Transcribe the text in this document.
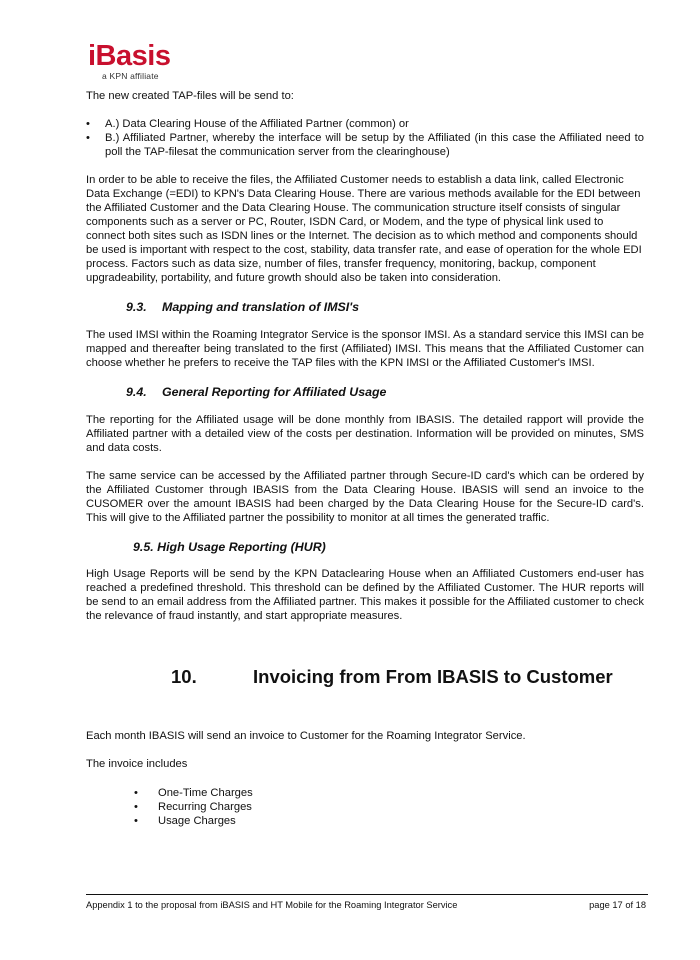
iBasis
a KPN affiliate

The new created TAP-files will be send to:

• A.) Data Clearing House of the Affiliated Partner (common) or
• B.) Affiliated Partner, whereby the interface will be setup by the Affiliated (in this case the Affiliated need to poll the TAP-filesat the communication server from the clearinghouse)

In order to be able to receive the files, the Affiliated Customer needs to establish a data link, called Electronic Data Exchange (=EDI) to KPN's Data Clearing House. There are various methods available for the EDI between the Affiliated Customer and the Data Clearing House. The communication structure itself consists of singular components such as a server or PC, Router, ISDN Card, or Modem, and the type of physical link used to connect both sites such as ISDN lines or the Internet. The decision as to which method and components should be used is important with respect to the cost, stability, data transfer rate, and ease of operation for the whole EDI process. Factors such as data size, number of files, transfer frequency, monitoring, backup, component upgradeability, portability, and future growth should also be taken into consideration.

9.3. Mapping and translation of IMSI's

The used IMSI within the Roaming Integrator Service is the sponsor IMSI. As a standard service this IMSI can be mapped and thereafter being translated to the first (Affiliated) IMSI. This means that the Affiliated Customer can choose whether he prefers to receive the TAP files with the KPN IMSI or the Affiliated Customer's IMSI.

9.4. General Reporting for Affiliated Usage

The reporting for the Affiliated usage will be done monthly from IBASIS. The detailed rapport will provide the Affiliated partner with a detailed view of the costs per destination. Information will be provided on minutes, SMS and data costs.

The same service can be accessed by the Affiliated partner through Secure-ID card's which can be ordered by the Affiliated Customer through IBASIS from the Data Clearing House. IBASIS will send an invoice to the CUSOMER over the amount IBASIS had been charged by the Data Clearing House for the Secure-ID card's. This will give to the Affiliated partner the possibility to monitor at all times the generated traffic.

9.5. High Usage Reporting (HUR)

High Usage Reports will be send by the KPN Dataclearing House when an Affiliated Customers end-user has reached a predefined threshold. This threshold can be defined by the Affiliated Customer. The HUR reports will be send to an email address from the Affiliated partner. This makes it possible for the Affiliated customer to check the relevance of fraud instantly, and start appropriate measures.

10.	Invoicing from From IBASIS to Customer

Each month IBASIS will send an invoice to Customer for the Roaming Integrator Service.

The invoice includes

• One-Time Charges
• Recurring Charges
• Usage Charges
Appendix 1 to the proposal from iBASIS and HT Mobile for the Roaming Integrator Service	page 17 of 18
